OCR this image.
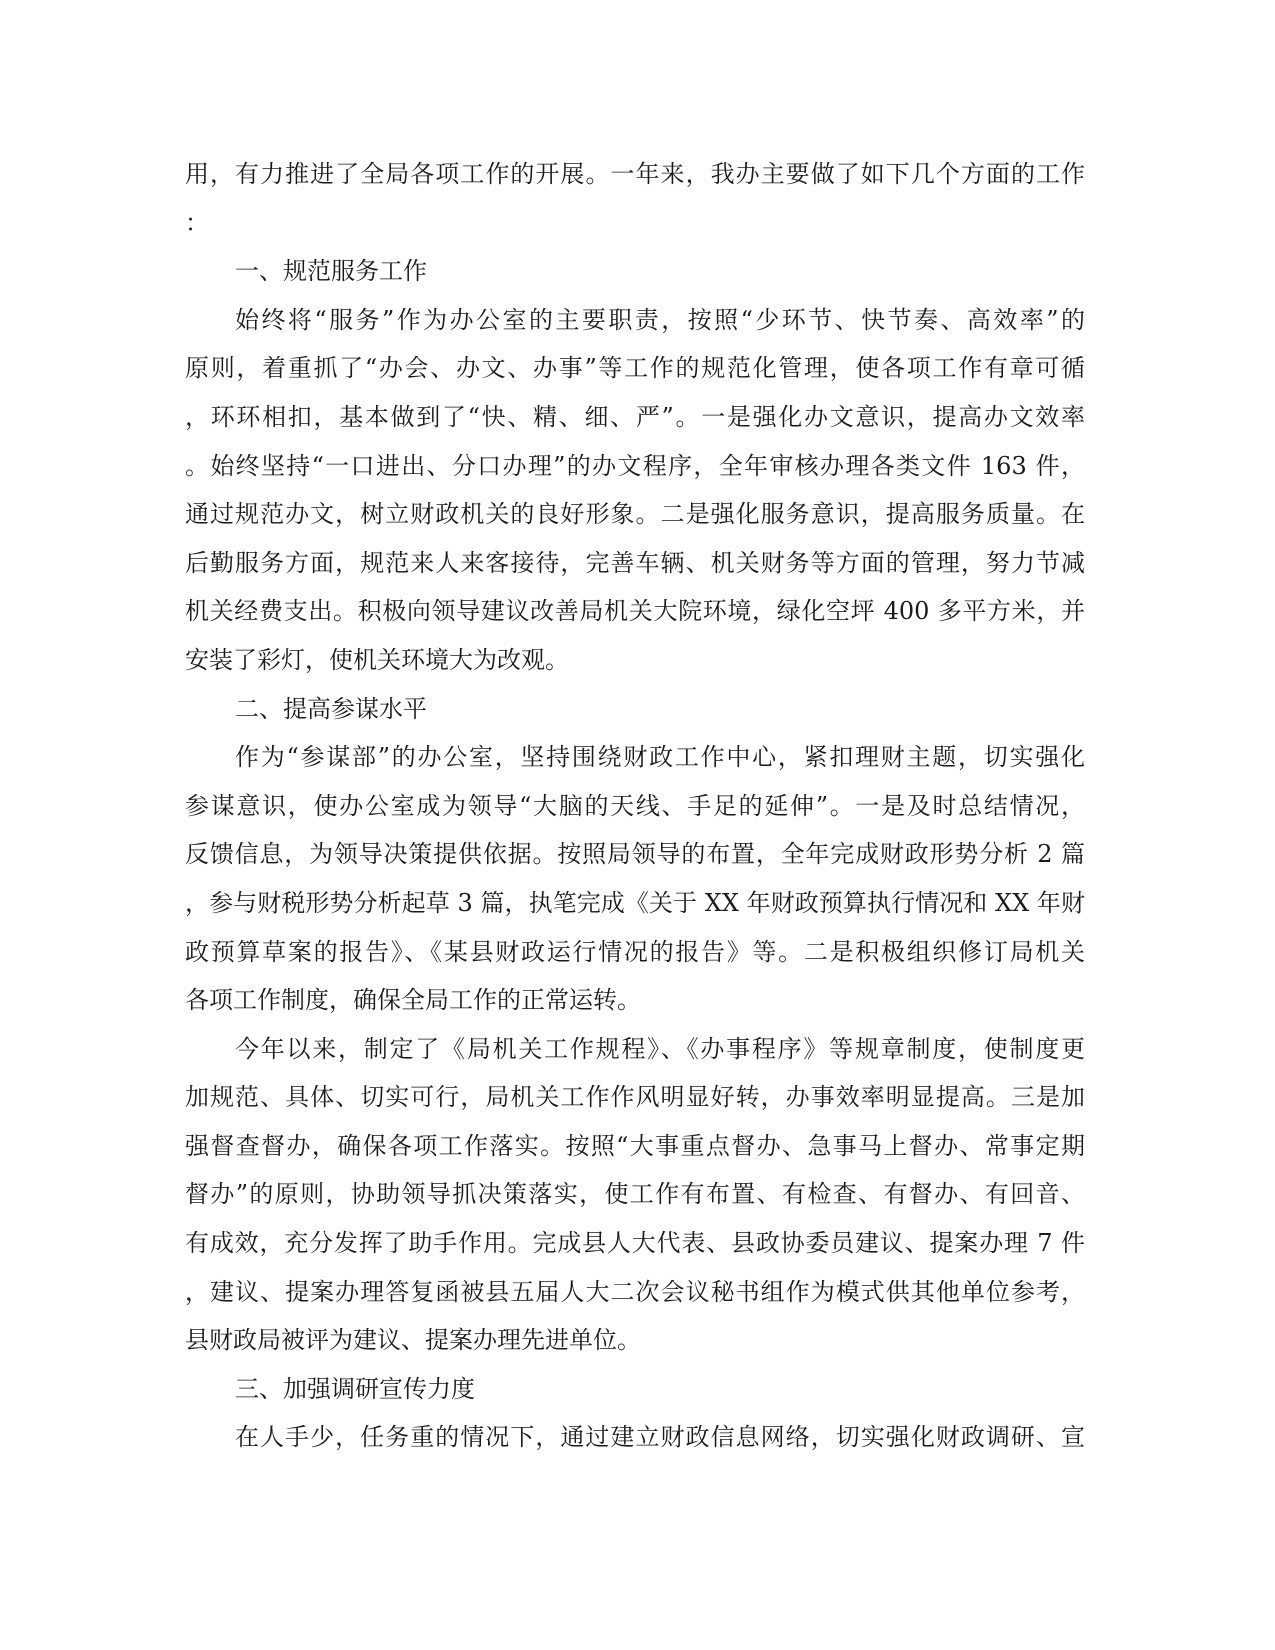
用，有力推进了全局各项工作的开展。一年来，我办主要做了如下几个方面的工作
：
一、规范服务工作
始终将“服务”作为办公室的主要职责，按照“少环节、快节奏、高效率”的
原则，着重抓了“办会、办文、办事”等工作的规范化管理，使各项工作有章可循
，环环相扣，基本做到了“快、精、细、严”。一是强化办文意识，提高办文效率
。始终坚持“一口进出、分口办理”的办文程序，全年审核办理各类文件 163 件，
通过规范办文，树立财政机关的良好形象。二是强化服务意识，提高服务质量。在
后勤服务方面，规范来人来客接待，完善车辆、机关财务等方面的管理，努力节减
机关经费支出。积极向领导建议改善局机关大院环境，绿化空坪 400 多平方米，并
安装了彩灯，使机关环境大为改观。
二、提高参谋水平
作为“参谋部”的办公室，坚持围绕财政工作中心，紧扣理财主题，切实强化
参谋意识，使办公室成为领导“大脑的天线、手足的延伸”。一是及时总结情况，
反馈信息，为领导决策提供依据。按照局领导的布置，全年完成财政形势分析 2 篇
，参与财税形势分析起草 3 篇，执笔完成《关于 XX 年财政预算执行情况和 XX 年财
政预算草案的报告》、《某县财政运行情况的报告》等。二是积极组织修订局机关
各项工作制度，确保全局工作的正常运转。
今年以来，制定了《局机关工作规程》、《办事程序》等规章制度，使制度更
加规范、具体、切实可行，局机关工作作风明显好转，办事效率明显提高。三是加
强督查督办，确保各项工作落实。按照“大事重点督办、急事马上督办、常事定期
督办”的原则，协助领导抓决策落实，使工作有布置、有检查、有督办、有回音、
有成效，充分发挥了助手作用。完成县人大代表、县政协委员建议、提案办理 7 件
，建议、提案办理答复函被县五届人大二次会议秘书组作为模式供其他单位参考，
县财政局被评为建议、提案办理先进单位。
三、加强调研宣传力度
在人手少，任务重的情况下，通过建立财政信息网络，切实强化财政调研、宣
